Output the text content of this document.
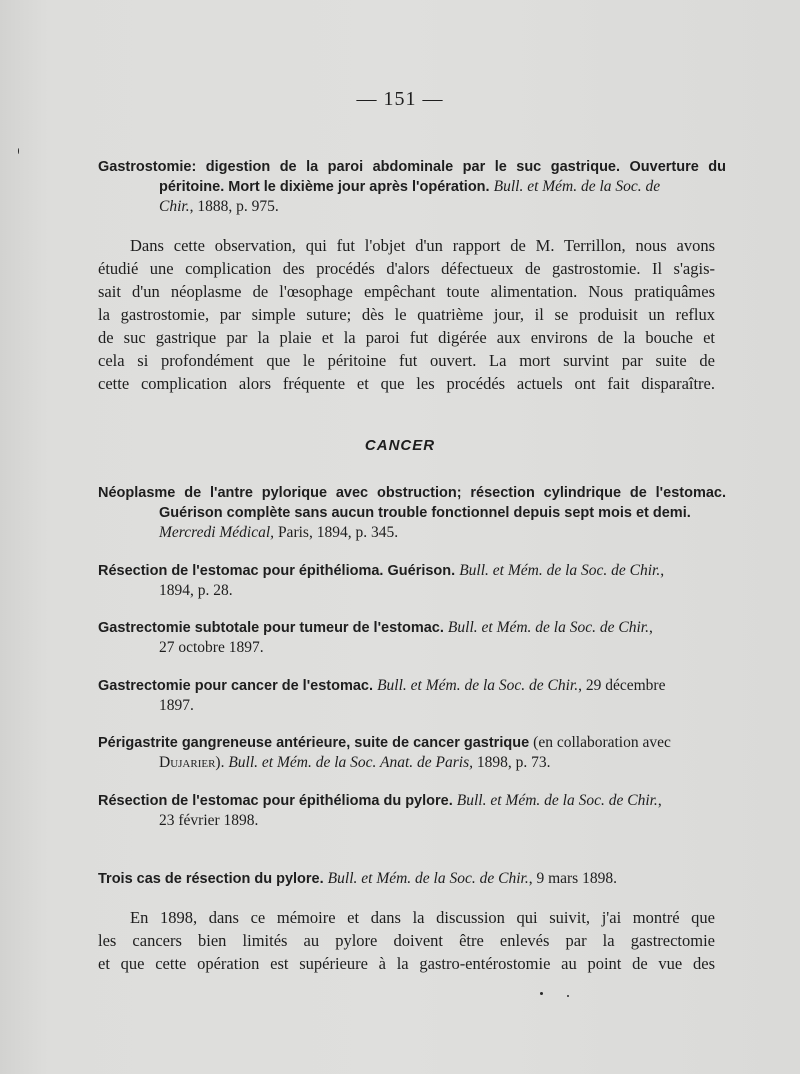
— 151 —
Gastrostomie: digestion de la paroi abdominale par le suc gastrique. Ouverture du
péritoine. Mort le dixième jour après l'opération. Bull. et Mém. de la Soc. de
Chir., 1888, p. 975.
Dans cette observation, qui fut l'objet d'un rapport de M. Terrillon, nous avons
étudié une complication des procédés d'alors défectueux de gastrostomie. Il s'agis-
sait d'un néoplasme de l'œsophage empêchant toute alimentation. Nous pratiquâmes
la gastrostomie, par simple suture; dès le quatrième jour, il se produisit un reflux
de suc gastrique par la plaie et la paroi fut digérée aux environs de la bouche et
cela si profondément que le péritoine fut ouvert. La mort survint par suite de
cette complication alors fréquente et que les procédés actuels ont fait disparaître.
CANCER
Néoplasme de l'antre pylorique avec obstruction; résection cylindrique de l'estomac.
Guérison complète sans aucun trouble fonctionnel depuis sept mois et demi.
Mercredi Médical, Paris, 1894, p. 345.
Résection de l'estomac pour épithélioma. Guérison. Bull. et Mém. de la Soc. de Chir.,
1894, p. 28.
Gastrectomie subtotale pour tumeur de l'estomac. Bull. et Mém. de la Soc. de Chir.,
27 octobre 1897.
Gastrectomie pour cancer de l'estomac. Bull. et Mém. de la Soc. de Chir., 29 décembre
1897.
Périgastrite gangreneuse antérieure, suite de cancer gastrique (en collaboration avec
Dujarier). Bull. et Mém. de la Soc. Anat. de Paris, 1898, p. 73.
Résection de l'estomac pour épithélioma du pylore. Bull. et Mém. de la Soc. de Chir.,
23 février 1898.
Trois cas de résection du pylore. Bull. et Mém. de la Soc. de Chir., 9 mars 1898.
En 1898, dans ce mémoire et dans la discussion qui suivit, j'ai montré que
les cancers bien limités au pylore doivent être enlevés par la gastrectomie
et que cette opération est supérieure à la gastro-entérostomie au point de vue des
